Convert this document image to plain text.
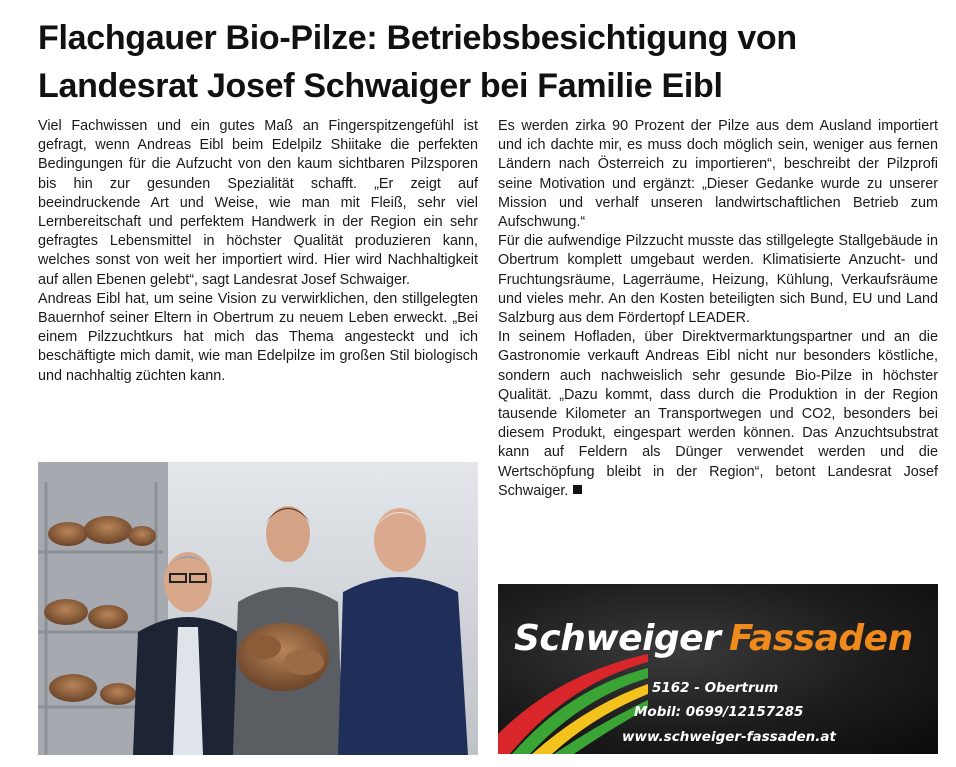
Flachgauer Bio-Pilze: Betriebsbesichtigung von
Landesrat Josef Schwaiger bei Familie Eibl

Viel Fachwissen und ein gutes Maß an Fingerspitzengefühl ist gefragt, wenn Andreas Eibl beim Edelpilz Shiitake die perfekten Bedingungen für die Aufzucht von den kaum sichtbaren Pilzsporen bis hin zur gesunden Spezialität schafft. „Er zeigt auf beeindruckende Art und Weise, wie man mit Fleiß, sehr viel Lernbereitschaft und perfektem Handwerk in der Region ein sehr gefragtes Lebensmittel in höchster Qualität produzieren kann, welches sonst von weit her importiert wird. Hier wird Nachhaltigkeit auf allen Ebenen gelebt“, sagt Landesrat Josef Schwaiger.

Andreas Eibl hat, um seine Vision zu verwirklichen, den stillgelegten Bauernhof seiner Eltern in Obertrum zu neuem Leben erweckt. „Bei einem Pilzzuchtkurs hat mich das Thema angesteckt und ich beschäftigte mich damit, wie man Edelpilze im großen Stil biologisch und nachhaltig züchten kann.

Es werden zirka 90 Prozent der Pilze aus dem Ausland importiert und ich dachte mir, es muss doch möglich sein, weniger aus fernen Ländern nach Österreich zu importieren“, beschreibt der Pilzprofi seine Motivation und ergänzt: „Dieser Gedanke wurde zu unserer Mission und verhalf unseren landwirtschaftlichen Betrieb zum Aufschwung.“

Für die aufwendige Pilzzucht musste das stillgelegte Stallgebäude in Obertrum komplett umgebaut werden. Klimatisierte Anzucht- und Fruchtungsräume, Lagerräume, Heizung, Kühlung, Verkaufsräume und vieles mehr. An den Kosten beteiligten sich Bund, EU und Land Salzburg aus dem Fördertopf LEADER.

In seinem Hofladen, über Direktvermarktungspartner und an die Gastronomie verkauft Andreas Eibl nicht nur besonders köstliche, sondern auch nachweislich sehr gesunde Bio-Pilze in höchster Qualität. „Dazu kommt, dass durch die Produktion in der Region tausende Kilometer an Transportwegen und CO2, besonders bei diesem Produkt, eingespart werden können. Das Anzuchtsubstrat kann auf Feldern als Dünger verwendet werden und die Wertschöpfung bleibt in der Region“, betont Landesrat Josef Schwaiger.

Schweiger Fassaden
5162 - Obertrum
Mobil: 0699/12157285
www.schweiger-fassaden.at
